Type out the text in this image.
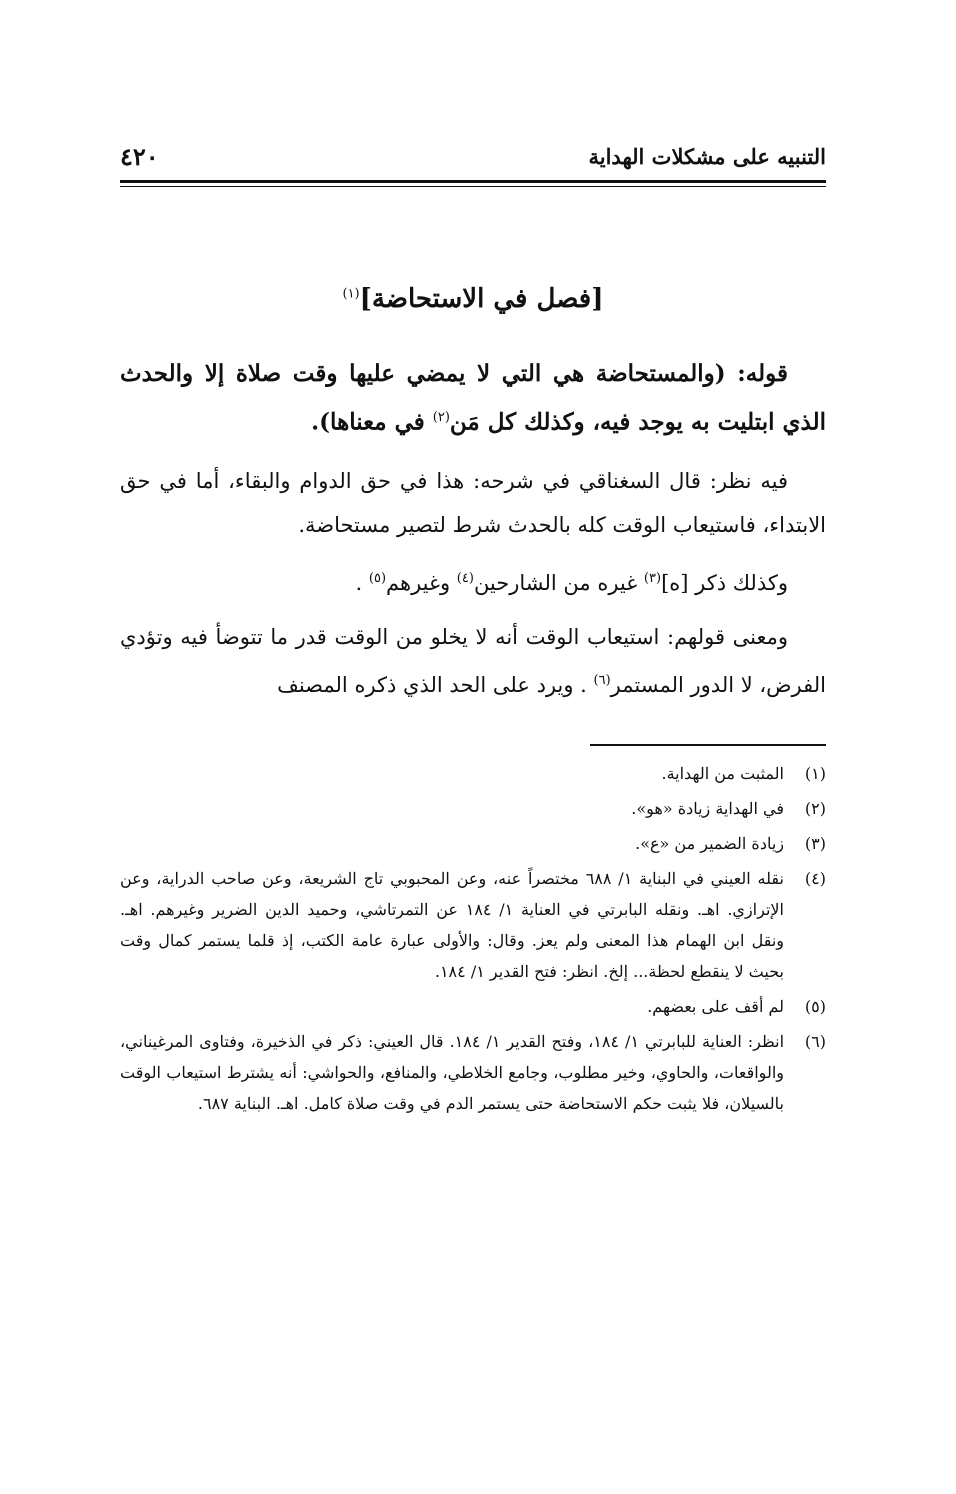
التنبيه على مشكلات الهداية
٤٢٠
[فصل في الاستحاضة]$^{(١)}$

قوله: (والمستحاضة هي التي لا يمضي عليها وقت صلاة إلا والحدث الذي ابتليت به يوجد فيه، وكذلك كل مَن$^{(٢)}$ في معناها).

فيه نظر: قال السغناقي في شرحه: هذا في حق الدوام والبقاء، أما في حق الابتداء، فاستيعاب الوقت كله بالحدث شرط لتصير مستحاضة.

وكذلك ذكر [ه]$^{(٣)}$ غيره من الشارحين$^{(٤)}$ وغيرهم$^{(٥)}$ .

ومعنى قولهم: استيعاب الوقت أنه لا يخلو من الوقت قدر ما تتوضأ فيه وتؤدي الفرض، لا الدور المستمر$^{(٦)}$ . ويرد على الحد الذي ذكره المصنف

(١)
المثبت من الهداية.
(٢)
في الهداية زيادة «هو».
(٣)
زيادة الضمير من «ع».
(٤)
نقله العيني في البناية ١/ ٦٨٨ مختصراً عنه، وعن المحبوبي تاج الشريعة، وعن صاحب الدراية، وعن الإترازي. اهـ. ونقله البابرتي في العناية ١/ ١٨٤ عن التمرتاشي، وحميد الدين الضرير وغيرهم. اهـ. ونقل ابن الهمام هذا المعنى ولم يعز. وقال: والأولى عبارة عامة الكتب، إذ قلما يستمر كمال وقت بحيث لا ينقطع لحظة... إلخ. انظر: فتح القدير ١/ ١٨٤.
(٥)
لم أقف على بعضهم.
(٦)
انظر: العناية للبابرتي ١/ ١٨٤، وفتح القدير ١/ ١٨٤. قال العيني: ذكر في الذخيرة، وفتاوى المرغيناني، والواقعات، والحاوي، وخير مطلوب، وجامع الخلاطي، والمنافع، والحواشي: أنه يشترط استيعاب الوقت بالسيلان، فلا يثبت حكم الاستحاضة حتى يستمر الدم في وقت صلاة كامل. اهـ. البناية ٦٨٧.
